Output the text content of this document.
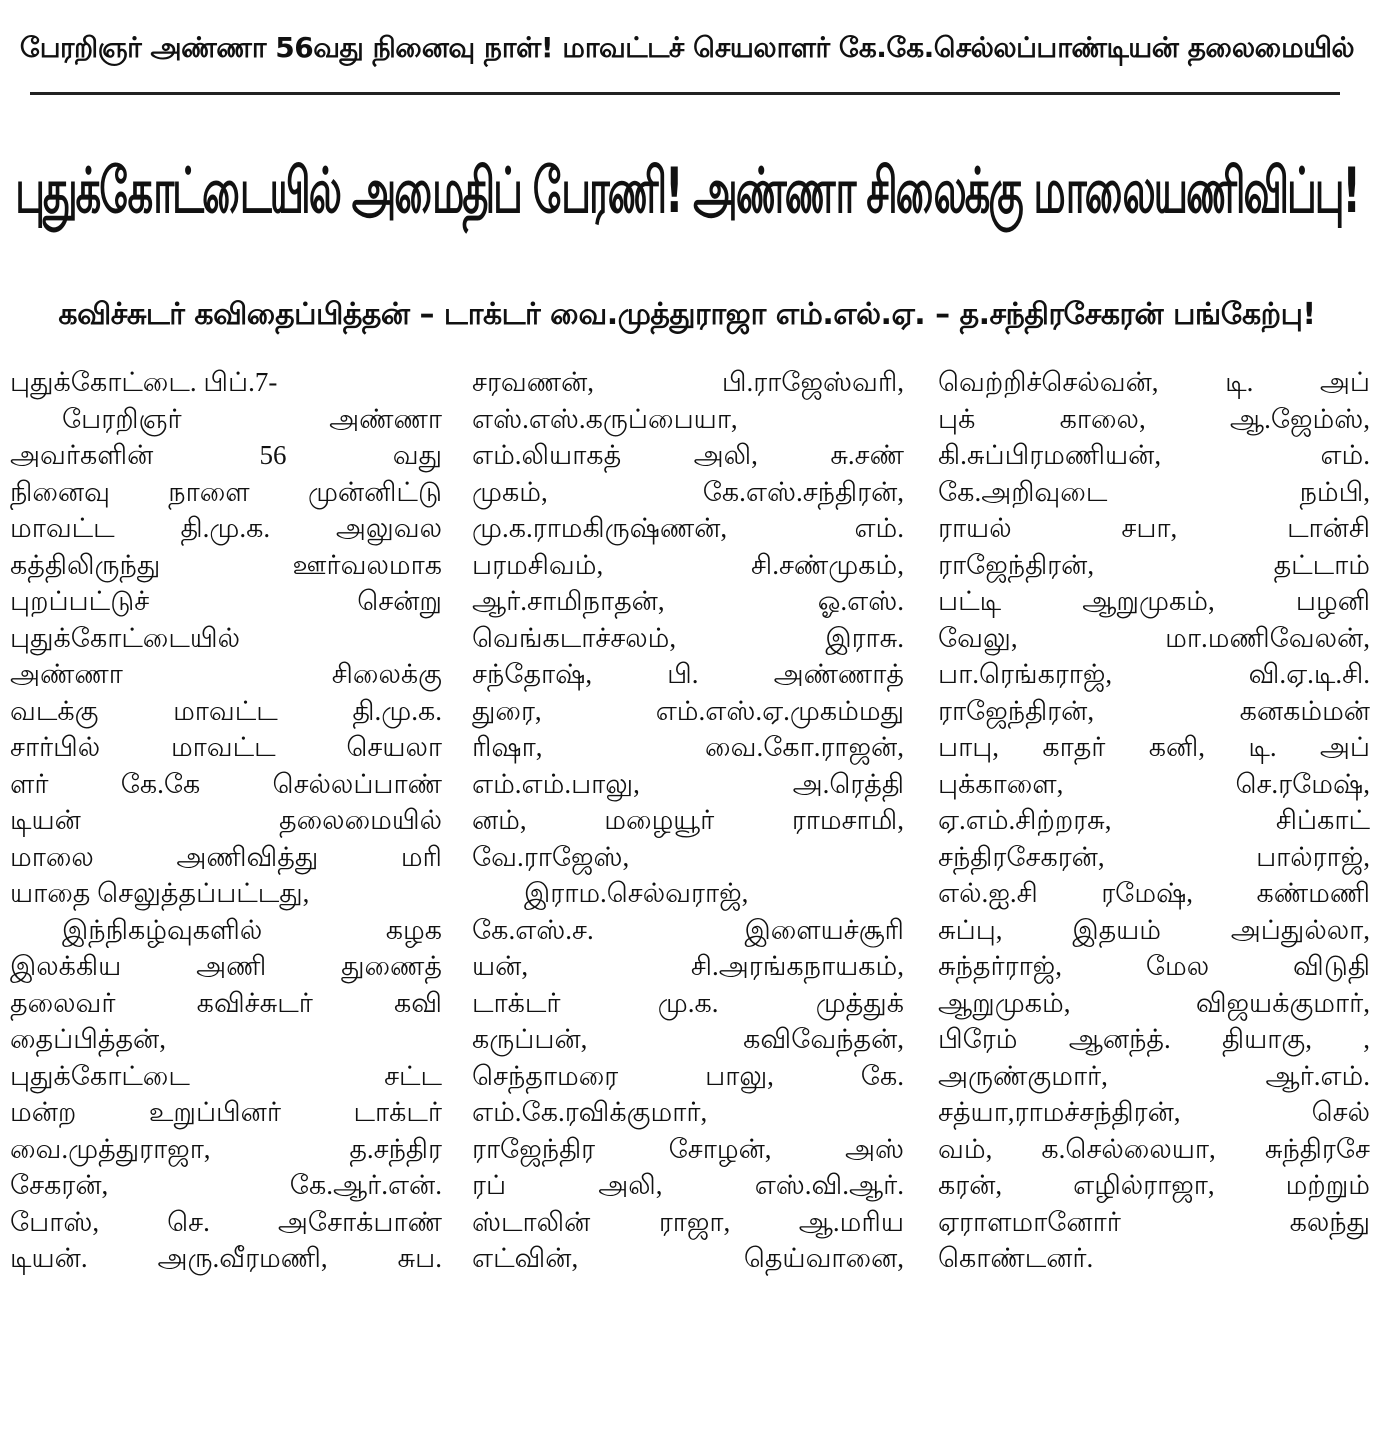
பேரறிஞர் அண்ணா 56வது நினைவு நாள்! மாவட்டச் செயலாளர் கே.கே.செல்லப்பாண்டியன் தலைமையில்
புதுக்கோட்டையில் அமைதிப் பேரணி! அண்ணா சிலைக்கு மாலையணிவிப்பு!
கவிச்சுடர் கவிதைப்பித்தன் – டாக்டர் வை.முத்துராஜா எம்.எல்.ஏ. – த.சந்திரசேகரன் பங்கேற்பு!
புதுக்கோட்டை. பிப்.7-
பேரறிஞர் அண்ணா
அவர்களின் 56 வது
நினைவு நாளை முன்னிட்டு
மாவட்ட தி.மு.க. அலுவல
கத்திலிருந்து ஊர்வலமாக
புறப்பட்டுச் சென்று
புதுக்கோட்டையில்
அண்ணா சிலைக்கு
வடக்கு மாவட்ட தி.மு.க.
சார்பில் மாவட்ட செயலா
ளர் கே.கே செல்லப்பாண்
டியன் தலைமையில்
மாலை அணிவித்து மரி
யாதை செலுத்தப்பட்டது,
இந்நிகழ்வுகளில் கழக
இலக்கிய அணி துணைத்
தலைவர் கவிச்சுடர் கவி
தைப்பித்தன்,
புதுக்கோட்டை சட்ட
மன்ற உறுப்பினர் டாக்டர்
வை.முத்துராஜா, த.சந்திர
சேகரன், கே.ஆர்.என்.
போஸ், செ. அசோக்பாண்
டியன். அரு.வீரமணி, சுப.
சரவணன், பி.ராஜேஸ்வரி,
எஸ்.எஸ்.கருப்பையா,
எம்.லியாகத் அலி, சு.சண்
முகம், கே.எஸ்.சந்திரன்,
மு.க.ராமகிருஷ்ணன், எம்.
பரமசிவம், சி.சண்முகம்,
ஆர்.சாமிநாதன், ஓ.எஸ்.
வெங்கடாச்சலம், இராசு.
சந்தோஷ், பி. அண்ணாத்
துரை, எம்.எஸ்.ஏ.முகம்மது
ரிஷா, வை.கோ.ராஜன்,
எம்.எம்.பாலு, அ.ரெத்தி
னம், மழையூர் ராமசாமி,
வே.ராஜேஸ்,
இராம.செல்வராஜ்,
கே.எஸ்.ச. இளையச்சூரி
யன், சி.அரங்கநாயகம்,
டாக்டர் மு.க. முத்துக்
கருப்பன், கவிவேந்தன்,
செந்தாமரை பாலு, கே.
எம்.கே.ரவிக்குமார்,
ராஜேந்திர சோழன், அஸ்
ரப் அலி, எஸ்.வி.ஆர்.
ஸ்டாலின் ராஜா, ஆ.மரிய
எட்வின், தெய்வானை,
வெற்றிச்செல்வன், டி. அப்
புக் காலை, ஆ.ஜேம்ஸ்,
கி.சுப்பிரமணியன், எம்.
கே.அறிவுடை நம்பி,
ராயல் சபா, டான்சி
ராஜேந்திரன், தட்டாம்
பட்டி ஆறுமுகம், பழனி
வேலு, மா.மணிவேலன்,
பா.ரெங்கராஜ், வி.ஏ.டி.சி.
ராஜேந்திரன், கனகம்மன்
பாபு, காதர் கனி, டி. அப்
புக்காளை, செ.ரமேஷ்,
ஏ.எம்.சிற்றரசு, சிப்காட்
சந்திரசேகரன், பால்ராஜ்,
எல்.ஐ.சி ரமேஷ், கண்மணி
சுப்பு, இதயம் அப்துல்லா,
சுந்தர்ராஜ், மேல விடுதி
ஆறுமுகம், விஜயக்குமார்,
பிரேம் ஆனந்த். தியாகு, ,
அருண்குமார், ஆர்.எம்.
சத்யா,ராமச்சந்திரன், செல்
வம், க.செல்லையா, சுந்திரசே
கரன், எழில்ராஜா, மற்றும்
ஏராளமானோர் கலந்து
கொண்டனர்.
